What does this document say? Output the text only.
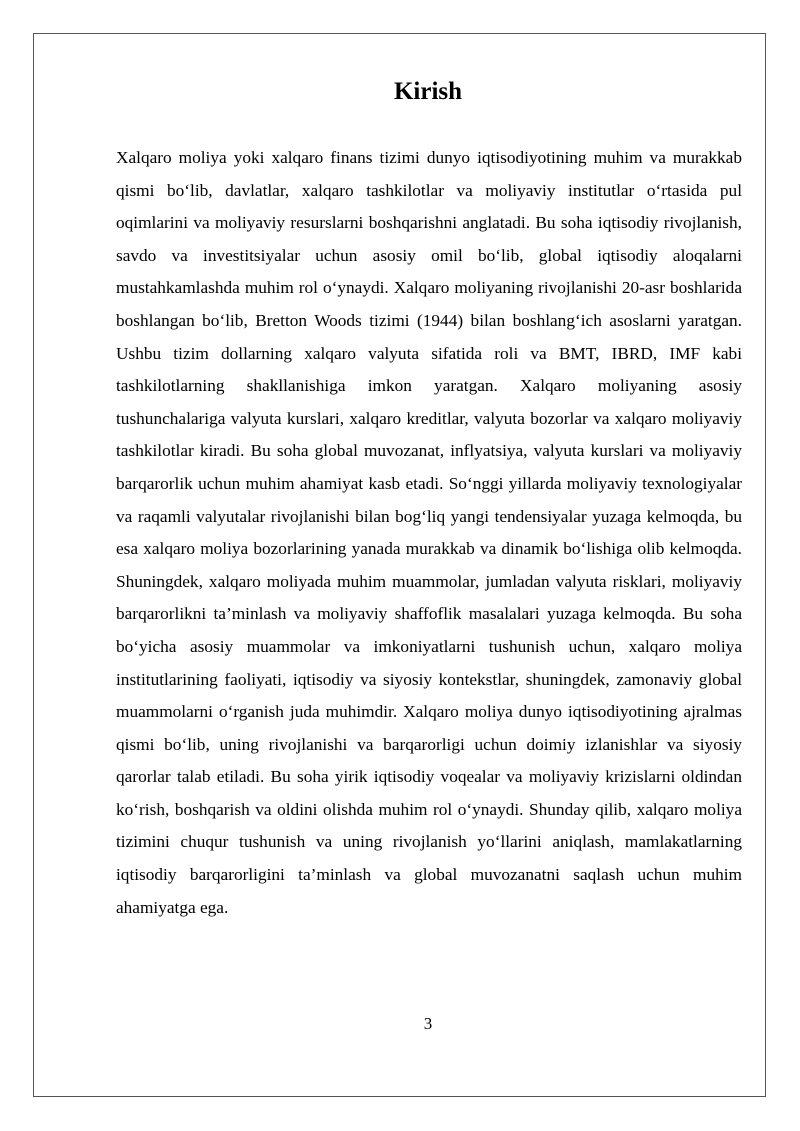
Kirish

Xalqaro moliya yoki xalqaro finans tizimi dunyo iqtisodiyotining muhim va murakkab qismi bo‘lib, davlatlar, xalqaro tashkilotlar va moliyaviy institutlar o‘rtasida pul oqimlarini va moliyaviy resurslarni boshqarishni anglatadi. Bu soha iqtisodiy rivojlanish, savdo va investitsiyalar uchun asosiy omil bo‘lib, global iqtisodiy aloqalarni mustahkamlashda muhim rol o‘ynaydi. Xalqaro moliyaning rivojlanishi 20-asr boshlarida boshlangan bo‘lib, Bretton Woods tizimi (1944) bilan boshlang‘ich asoslarni yaratgan. Ushbu tizim dollarning xalqaro valyuta sifatida roli va BMT, IBRD, IMF kabi tashkilotlarning shakllanishiga imkon yaratgan. Xalqaro moliyaning asosiy tushunchalariga valyuta kurslari, xalqaro kreditlar, valyuta bozorlar va xalqaro moliyaviy tashkilotlar kiradi. Bu soha global muvozanat, inflyatsiya, valyuta kurslari va moliyaviy barqarorlik uchun muhim ahamiyat kasb etadi. So‘nggi yillarda moliyaviy texnologiyalar va raqamli valyutalar rivojlanishi bilan bog‘liq yangi tendensiyalar yuzaga kelmoqda, bu esa xalqaro moliya bozorlarining yanada murakkab va dinamik bo‘lishiga olib kelmoqda. Shuningdek, xalqaro moliyada muhim muammolar, jumladan valyuta risklari, moliyaviy barqarorlikni ta’minlash va moliyaviy shaffoflik masalalari yuzaga kelmoqda. Bu soha bo‘yicha asosiy muammolar va imkoniyatlarni tushunish uchun, xalqaro moliya institutlarining faoliyati, iqtisodiy va siyosiy kontekstlar, shuningdek, zamonaviy global muammolarni o‘rganish juda muhimdir. Xalqaro moliya dunyo iqtisodiyotining ajralmas qismi bo‘lib, uning rivojlanishi va barqarorligi uchun doimiy izlanishlar va siyosiy qarorlar talab etiladi. Bu soha yirik iqtisodiy voqealar va moliyaviy krizislarni oldindan ko‘rish, boshqarish va oldini olishda muhim rol o‘ynaydi. Shunday qilib, xalqaro moliya tizimini chuqur tushunish va uning rivojlanish yo‘llarini aniqlash, mamlakatlarning iqtisodiy barqarorligini ta’minlash va global muvozanatni saqlash uchun muhim ahamiyatga ega.

3
